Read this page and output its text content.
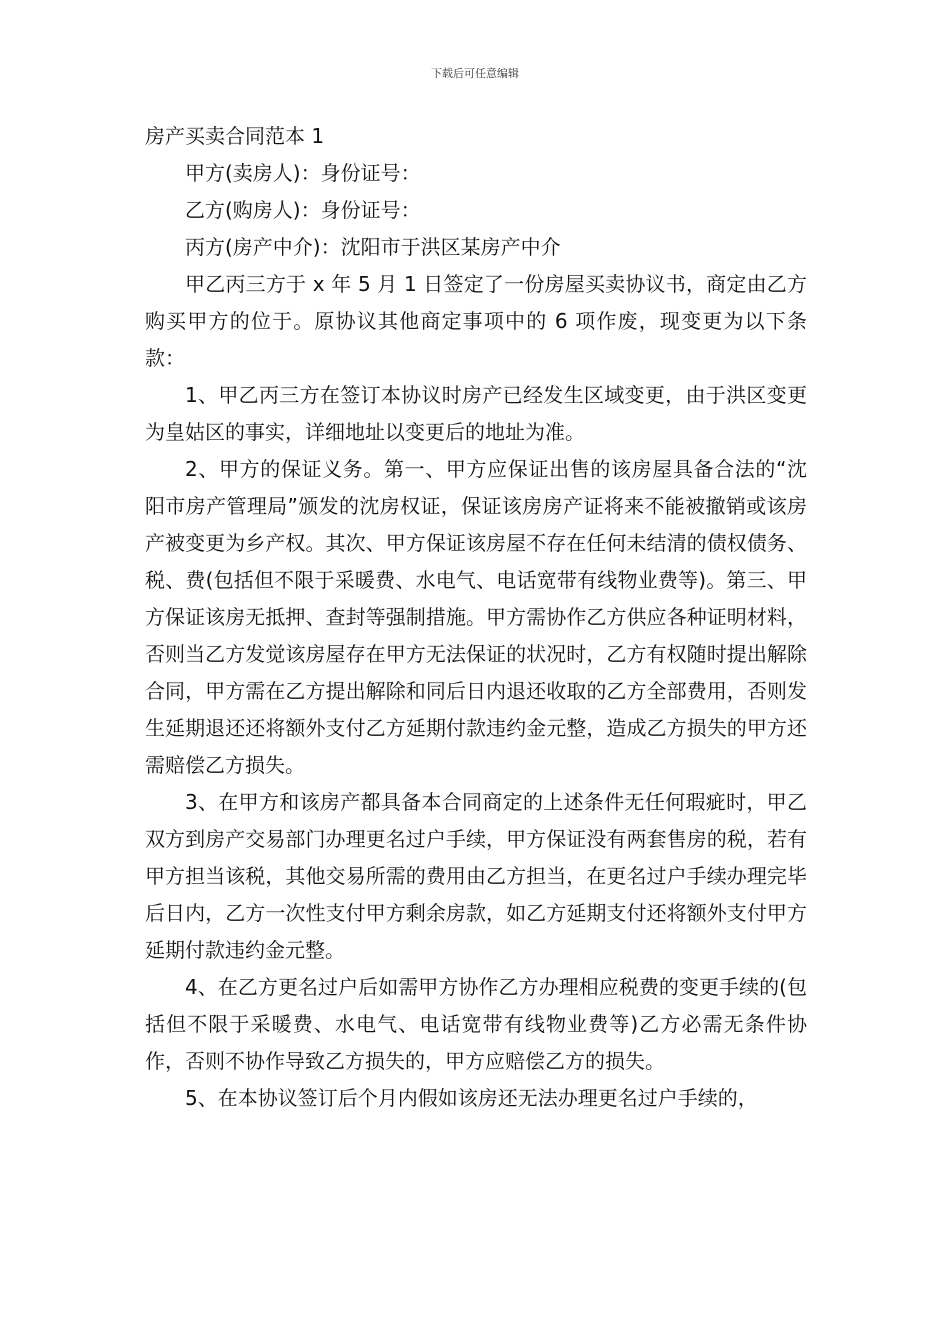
下载后可任意编辑
房产买卖合同范本 1

甲方(卖房人)：身份证号：

乙方(购房人)：身份证号：

丙方(房产中介)：沈阳市于洪区某房产中介

甲乙丙三方于 x 年 5 月 1 日签定了一份房屋买卖协议书，商定由乙方购买甲方的位于。原协议其他商定事项中的 6 项作废，现变更为以下条款：

1、甲乙丙三方在签订本协议时房产已经发生区域变更，由于洪区变更为皇姑区的事实，详细地址以变更后的地址为准。

2、甲方的保证义务。第一、甲方应保证出售的该房屋具备合法的“沈阳市房产管理局”颁发的沈房权证，保证该房房产证将来不能被撤销或该房产被变更为乡产权。其次、甲方保证该房屋不存在任何未结清的债权债务、税、费(包括但不限于采暖费、水电气、电话宽带有线物业费等)。第三、甲方保证该房无抵押、查封等强制措施。甲方需协作乙方供应各种证明材料，否则当乙方发觉该房屋存在甲方无法保证的状况时，乙方有权随时提出解除合同，甲方需在乙方提出解除和同后日内退还收取的乙方全部费用，否则发生延期退还还将额外支付乙方延期付款违约金元整，造成乙方损失的甲方还需赔偿乙方损失。

3、在甲方和该房产都具备本合同商定的上述条件无任何瑕疵时，甲乙双方到房产交易部门办理更名过户手续，甲方保证没有两套售房的税，若有甲方担当该税，其他交易所需的费用由乙方担当，在更名过户手续办理完毕后日内，乙方一次性支付甲方剩余房款，如乙方延期支付还将额外支付甲方延期付款违约金元整。

4、在乙方更名过户后如需甲方协作乙方办理相应税费的变更手续的(包括但不限于采暖费、水电气、电话宽带有线物业费等)乙方必需无条件协作，否则不协作导致乙方损失的，甲方应赔偿乙方的损失。

5、在本协议签订后个月内假如该房还无法办理更名过户手续的，
